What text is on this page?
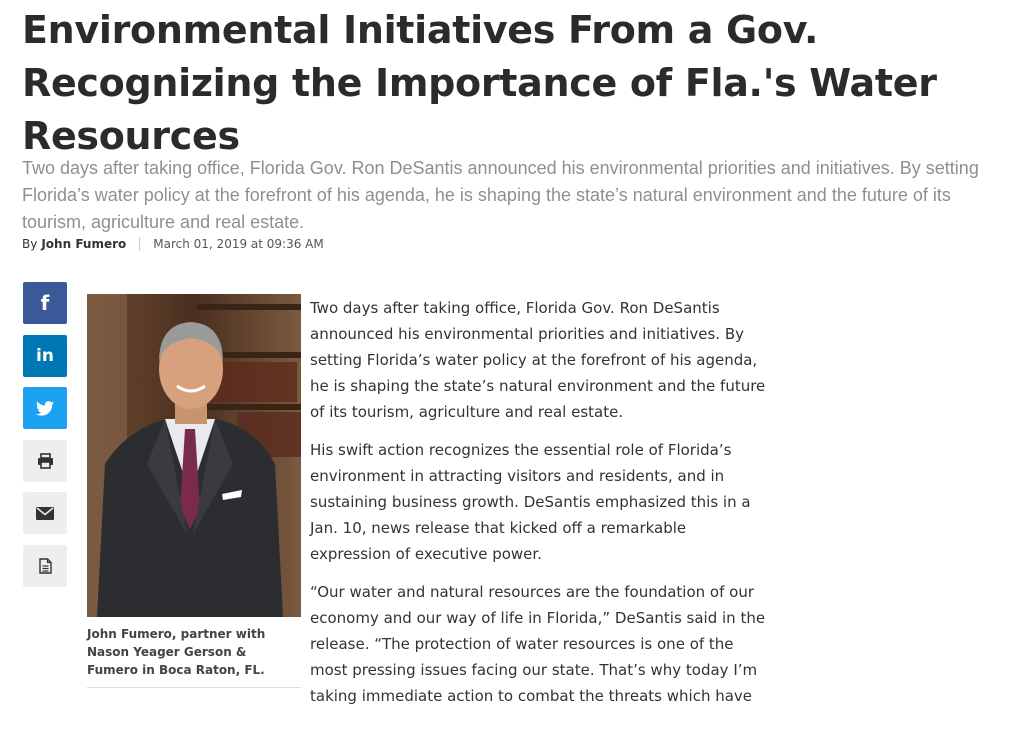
Environmental Initiatives From a Gov. Recognizing the Importance of Fla.'s Water Resources

Two days after taking office, Florida Gov. Ron DeSantis announced his environmental priorities and initiatives. By setting Florida’s water policy at the forefront of his agenda, he is shaping the state’s natural environment and the future of its tourism, agriculture and real estate.

By John Fumero March 01, 2019 at 09:36 AM
f
in

John Fumero, partner with Nason Yeager Gerson & Fumero in Boca Raton, FL.

Two days after taking office, Florida Gov. Ron DeSantis announced his environmental priorities and initiatives. By setting Florida’s water policy at the forefront of his agenda, he is shaping the state’s natural environment and the future of its tourism, agriculture and real estate.

His swift action recognizes the essential role of Florida’s environment in attracting visitors and residents, and in sustaining business growth. DeSantis emphasized this in a Jan. 10, news release that kicked off a remarkable expression of executive power.

“Our water and natural resources are the foundation of our economy and our way of life in Florida,” DeSantis said in the release. “The protection of water resources is one of the most pressing issues facing our state. That’s why today I’m taking immediate action to combat the threats which have
